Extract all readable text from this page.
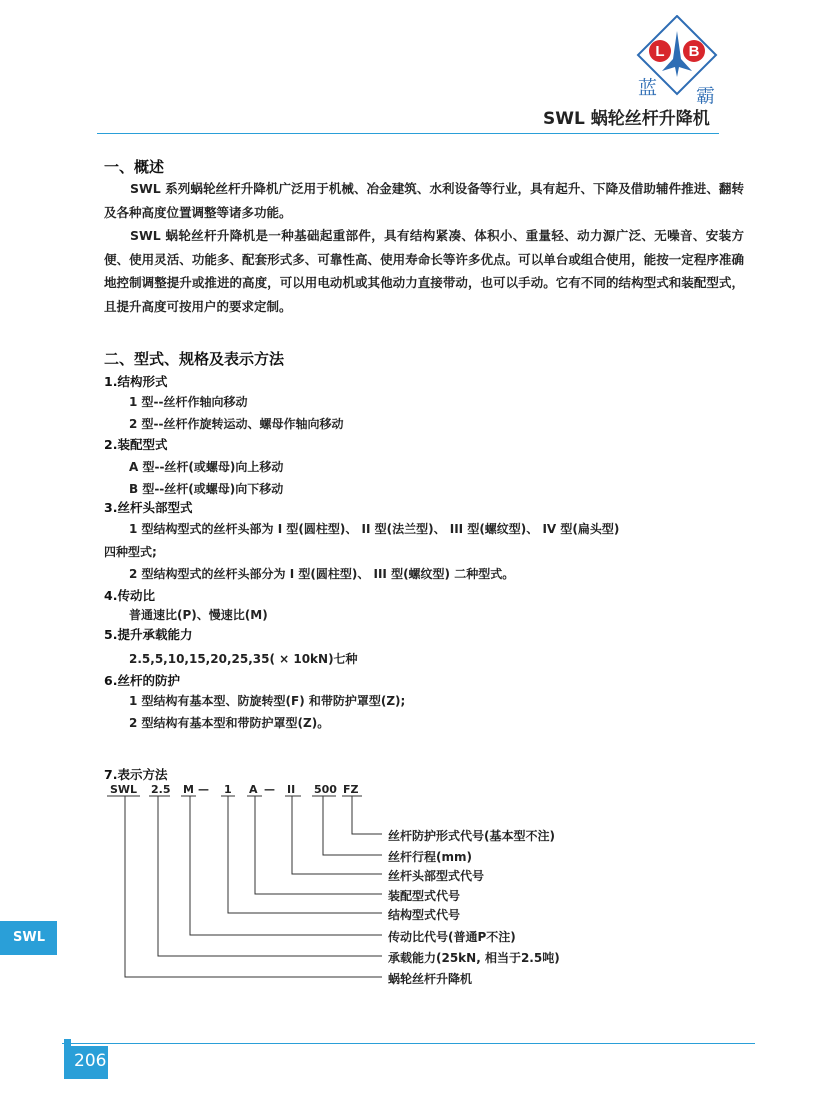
L B
蓝 霸
SWL 蜗轮丝杆升降机
一、概述

SWL 系列蜗轮丝杆升降机广泛用于机械、冶金建筑、水利设备等行业，具有起升、下降及借助辅件推进、翻转及各种高度位置调整等诸多功能。

SWL 蜗轮丝杆升降机是一种基础起重部件，具有结构紧凑、体积小、重量轻、动力源广泛、无噪音、安装方便、使用灵活、功能多、配套形式多、可靠性高、使用寿命长等许多优点。可以单台或组合使用，能按一定程序准确地控制调整提升或推进的高度，可以用电动机或其他动力直接带动，也可以手动。它有不同的结构型式和装配型式，且提升高度可按用户的要求定制。

二、型式、规格及表示方法
1.结构形式
1 型--丝杆作轴向移动
2 型--丝杆作旋转运动、螺母作轴向移动
2.装配型式
A 型--丝杆(或螺母)向上移动
B 型--丝杆(或螺母)向下移动
3.丝杆头部型式
1 型结构型式的丝杆头部为 I 型(圆柱型)、 II 型(法兰型)、 III 型(螺纹型)、 IV 型(扁头型)
四种型式;
2 型结构型式的丝杆头部分为 I 型(圆柱型)、 III 型(螺纹型) 二种型式。
4.传动比
普通速比(P)、慢速比(M)
5.提升承载能力
2.5,5,10,15,20,25,35( × 10kN)七种
6.丝杆的防护
1 型结构有基本型、防旋转型(F) 和带防护罩型(Z);
2 型结构有基本型和带防护罩型(Z)。
7.表示方法
SWL 2.5 M — 1 A — II 500 FZ
丝杆防护形式代号(基本型不注)
丝杆行程(mm)
丝杆头部型式代号
装配型式代号
结构型式代号
传动比代号(普通P不注)
承载能力(25kN, 相当于2.5吨)
蜗轮丝杆升降机
SWL
206
